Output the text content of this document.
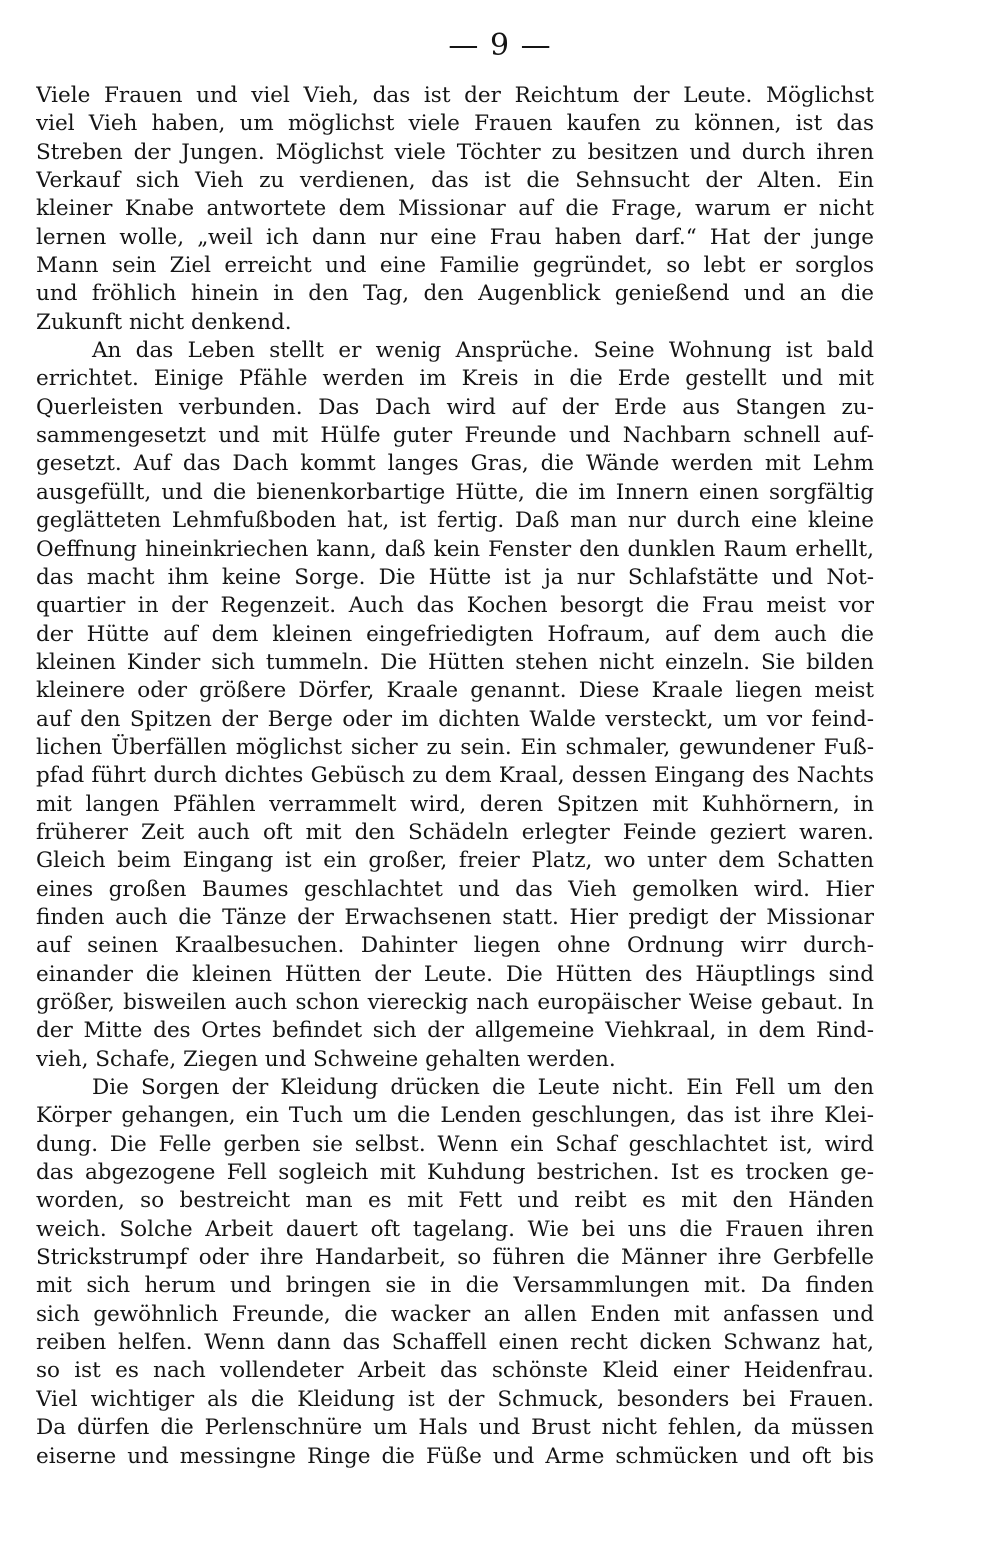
— 9 —
Viele Frauen und viel Vieh, das ist der Reichtum der Leute. Möglichst
viel Vieh haben, um möglichst viele Frauen kaufen zu können, ist das
Streben der Jungen. Möglichst viele Töchter zu besitzen und durch ihren
Verkauf sich Vieh zu verdienen, das ist die Sehnsucht der Alten. Ein
kleiner Knabe antwortete dem Missionar auf die Frage, warum er nicht
lernen wolle, „weil ich dann nur eine Frau haben darf.“ Hat der junge
Mann sein Ziel erreicht und eine Familie gegründet, so lebt er sorglos
und fröhlich hinein in den Tag, den Augenblick genießend und an die
Zukunft nicht denkend.
An das Leben stellt er wenig Ansprüche. Seine Wohnung ist bald
errichtet. Einige Pfähle werden im Kreis in die Erde gestellt und mit
Querleisten verbunden. Das Dach wird auf der Erde aus Stangen zu-
sammengesetzt und mit Hülfe guter Freunde und Nachbarn schnell auf-
gesetzt. Auf das Dach kommt langes Gras, die Wände werden mit Lehm
ausgefüllt, und die bienenkorbartige Hütte, die im Innern einen sorgfältig
geglätteten Lehmfußboden hat, ist fertig. Daß man nur durch eine kleine
Oeffnung hineinkriechen kann, daß kein Fenster den dunklen Raum erhellt,
das macht ihm keine Sorge. Die Hütte ist ja nur Schlafstätte und Not-
quartier in der Regenzeit. Auch das Kochen besorgt die Frau meist vor
der Hütte auf dem kleinen eingefriedigten Hofraum, auf dem auch die
kleinen Kinder sich tummeln. Die Hütten stehen nicht einzeln. Sie bilden
kleinere oder größere Dörfer, Kraale genannt. Diese Kraale liegen meist
auf den Spitzen der Berge oder im dichten Walde versteckt, um vor feind-
lichen Überfällen möglichst sicher zu sein. Ein schmaler, gewundener Fuß-
pfad führt durch dichtes Gebüsch zu dem Kraal, dessen Eingang des Nachts
mit langen Pfählen verrammelt wird, deren Spitzen mit Kuhhörnern, in
früherer Zeit auch oft mit den Schädeln erlegter Feinde geziert waren.
Gleich beim Eingang ist ein großer, freier Platz, wo unter dem Schatten
eines großen Baumes geschlachtet und das Vieh gemolken wird. Hier
finden auch die Tänze der Erwachsenen statt. Hier predigt der Missionar
auf seinen Kraalbesuchen. Dahinter liegen ohne Ordnung wirr durch-
einander die kleinen Hütten der Leute. Die Hütten des Häuptlings sind
größer, bisweilen auch schon viereckig nach europäischer Weise gebaut. In
der Mitte des Ortes befindet sich der allgemeine Viehkraal, in dem Rind-
vieh, Schafe, Ziegen und Schweine gehalten werden.
Die Sorgen der Kleidung drücken die Leute nicht. Ein Fell um den
Körper gehangen, ein Tuch um die Lenden geschlungen, das ist ihre Klei-
dung. Die Felle gerben sie selbst. Wenn ein Schaf geschlachtet ist, wird
das abgezogene Fell sogleich mit Kuhdung bestrichen. Ist es trocken ge-
worden, so bestreicht man es mit Fett und reibt es mit den Händen
weich. Solche Arbeit dauert oft tagelang. Wie bei uns die Frauen ihren
Strickstrumpf oder ihre Handarbeit, so führen die Männer ihre Gerbfelle
mit sich herum und bringen sie in die Versammlungen mit. Da finden
sich gewöhnlich Freunde, die wacker an allen Enden mit anfassen und
reiben helfen. Wenn dann das Schaffell einen recht dicken Schwanz hat,
so ist es nach vollendeter Arbeit das schönste Kleid einer Heidenfrau.
Viel wichtiger als die Kleidung ist der Schmuck, besonders bei Frauen.
Da dürfen die Perlenschnüre um Hals und Brust nicht fehlen, da müssen
eiserne und messingne Ringe die Füße und Arme schmücken und oft bis
